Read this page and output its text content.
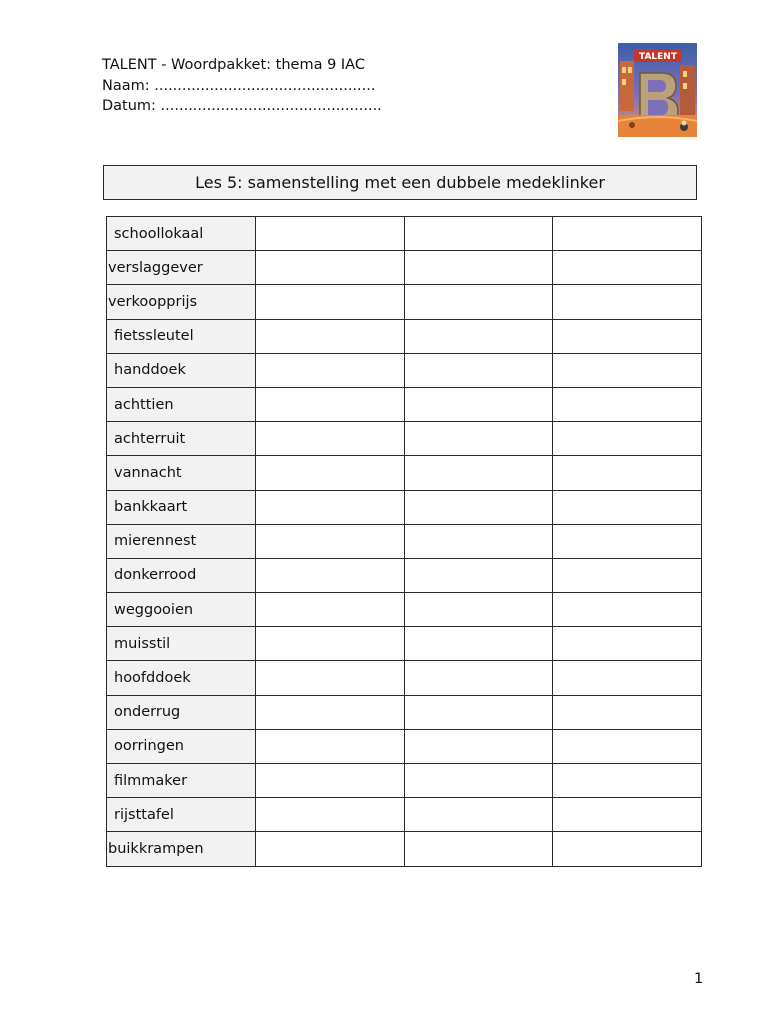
TALENT - Woordpakket: thema 9 IAC
Naam: ................................................
Datum: ................................................
TALENT
Les 5: samenstelling met een dubbele medeklinker
schoollokaal			
verslaggever			
verkoopprijs			
fietssleutel			
handdoek			
achttien			
achterruit			
vannacht			
bankkaart			
mierennest			
donkerrood			
weggooien			
muisstil			
hoofddoek			
onderrug			
oorringen			
filmmaker			
rijsttafel			
buikkrampen			
1
